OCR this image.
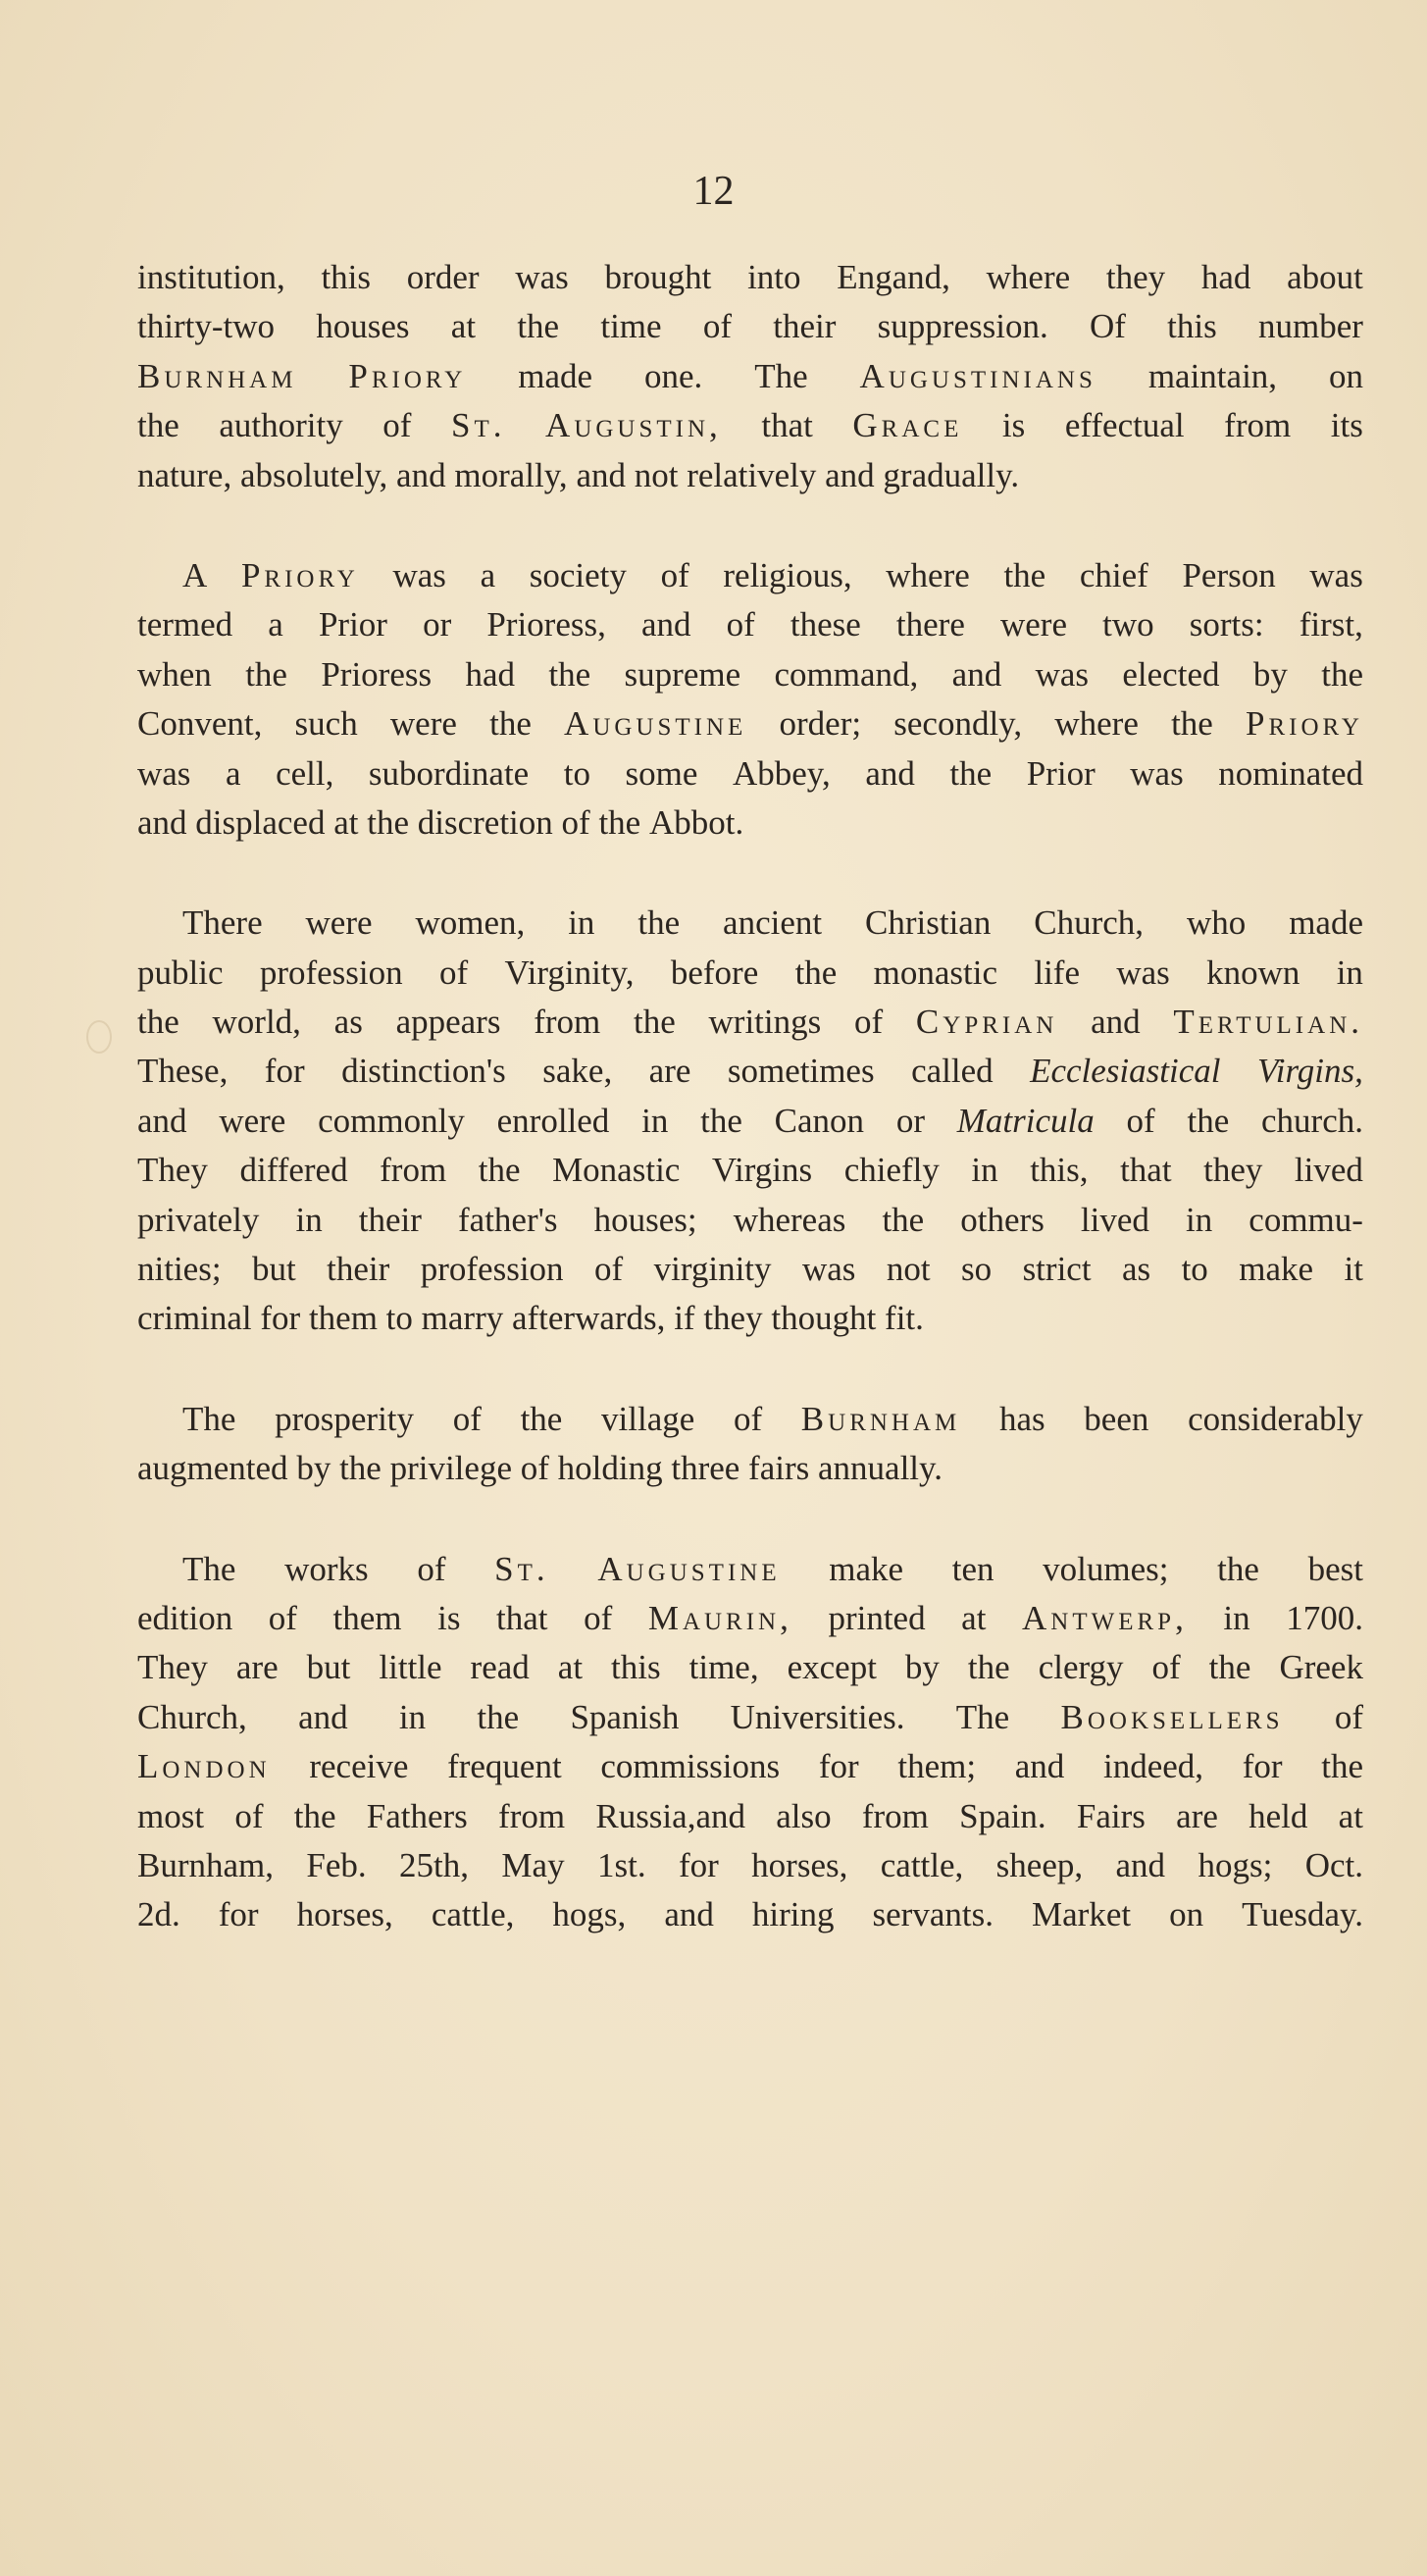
12
institution, this order was brought into Engand, where they had about
thirty-two houses at the time of their suppression. Of this number
Burnham Priory made one. The Augustinians maintain, on
the authority of St. Augustin, that Grace is effectual from its
nature,
absolutely,
and
morally,
and
not
relatively
and
gradually.
A Priory was a society of religious, where the chief Person was
termed a Prior or Prioress, and of these there were two sorts: first,
when the Prioress had the supreme command, and was elected by the
Convent, such were the Augustine order; secondly, where the Priory
was a cell, subordinate to some Abbey, and the Prior was nominated
and
displaced
at
the
discretion
of
the
Abbot.
There were women, in the ancient Christian Church, who made
public profession of Virginity, before the monastic life was known in
the world, as appears from the writings of Cyprian and Tertulian.
These, for distinction's sake, are sometimes called Ecclesiastical Virgins,
and were commonly enrolled in the Canon or Matricula of the church.
They differed from the Monastic Virgins chiefly in this, that they lived
privately in their father's houses; whereas the others lived in commu-
nities; but their profession of virginity was not so strict as to make it
criminal
for
them
to
marry
afterwards,
if
they
thought
fit.
The prosperity of the village of Burnham has been considerably
augmented
by
the
privilege
of
holding
three
fairs
annually.
The works of St. Augustine make ten volumes; the best
edition of them is that of Maurin, printed at Antwerp, in 1700.
They are but little read at this time, except by the clergy of the Greek
Church, and in the Spanish Universities. The Booksellers of
London receive frequent commissions for them; and indeed, for the
most of the Fathers from Russia,and also from Spain. Fairs are held at
Burnham, Feb. 25th, May 1st. for horses, cattle, sheep, and hogs; Oct.
2d. for horses, cattle, hogs, and hiring servants. Market on Tuesday.
